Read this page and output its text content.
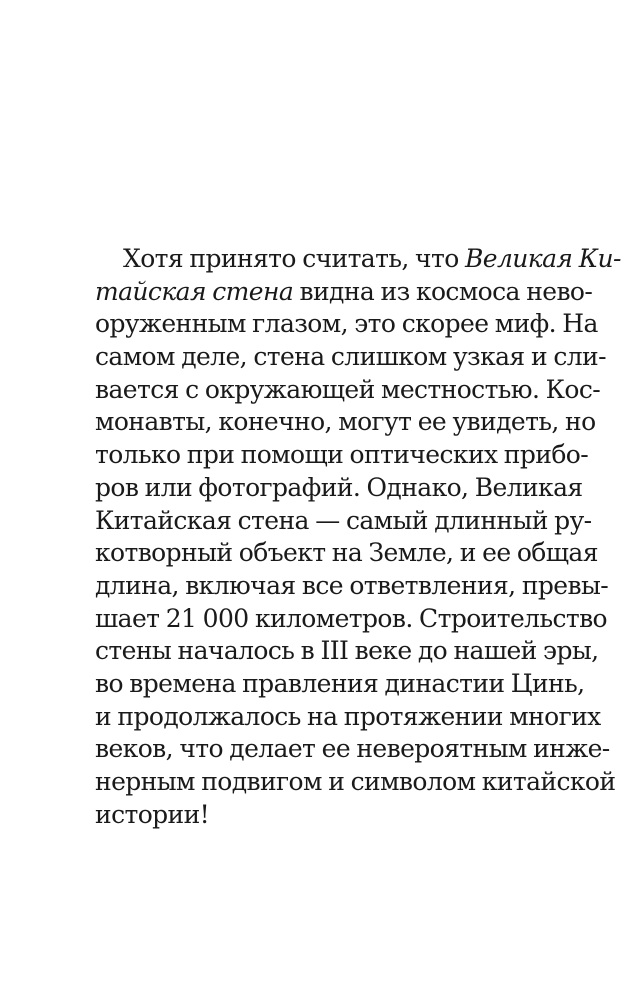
Хотя принято считать, что Великая Ки-
тайская стена видна из космоса нево-
оруженным глазом, это скорее миф. На
самом деле, стена слишком узкая и сли-
вается с окружающей местностью. Кос-
монавты, конечно, могут ее увидеть, но
только при помощи оптических прибо-
ров или фотографий. Однако, Великая
Китайская стена — самый длинный ру-
котворный объект на Земле, и ее общая
длина, включая все ответвления, превы-
шает 21 000 километров. Строительство
стены началось в III веке до нашей эры,
во времена правления династии Цинь,
и продолжалось на протяжении многих
веков, что делает ее невероятным инже-
нерным подвигом и символом китайской
истории!
